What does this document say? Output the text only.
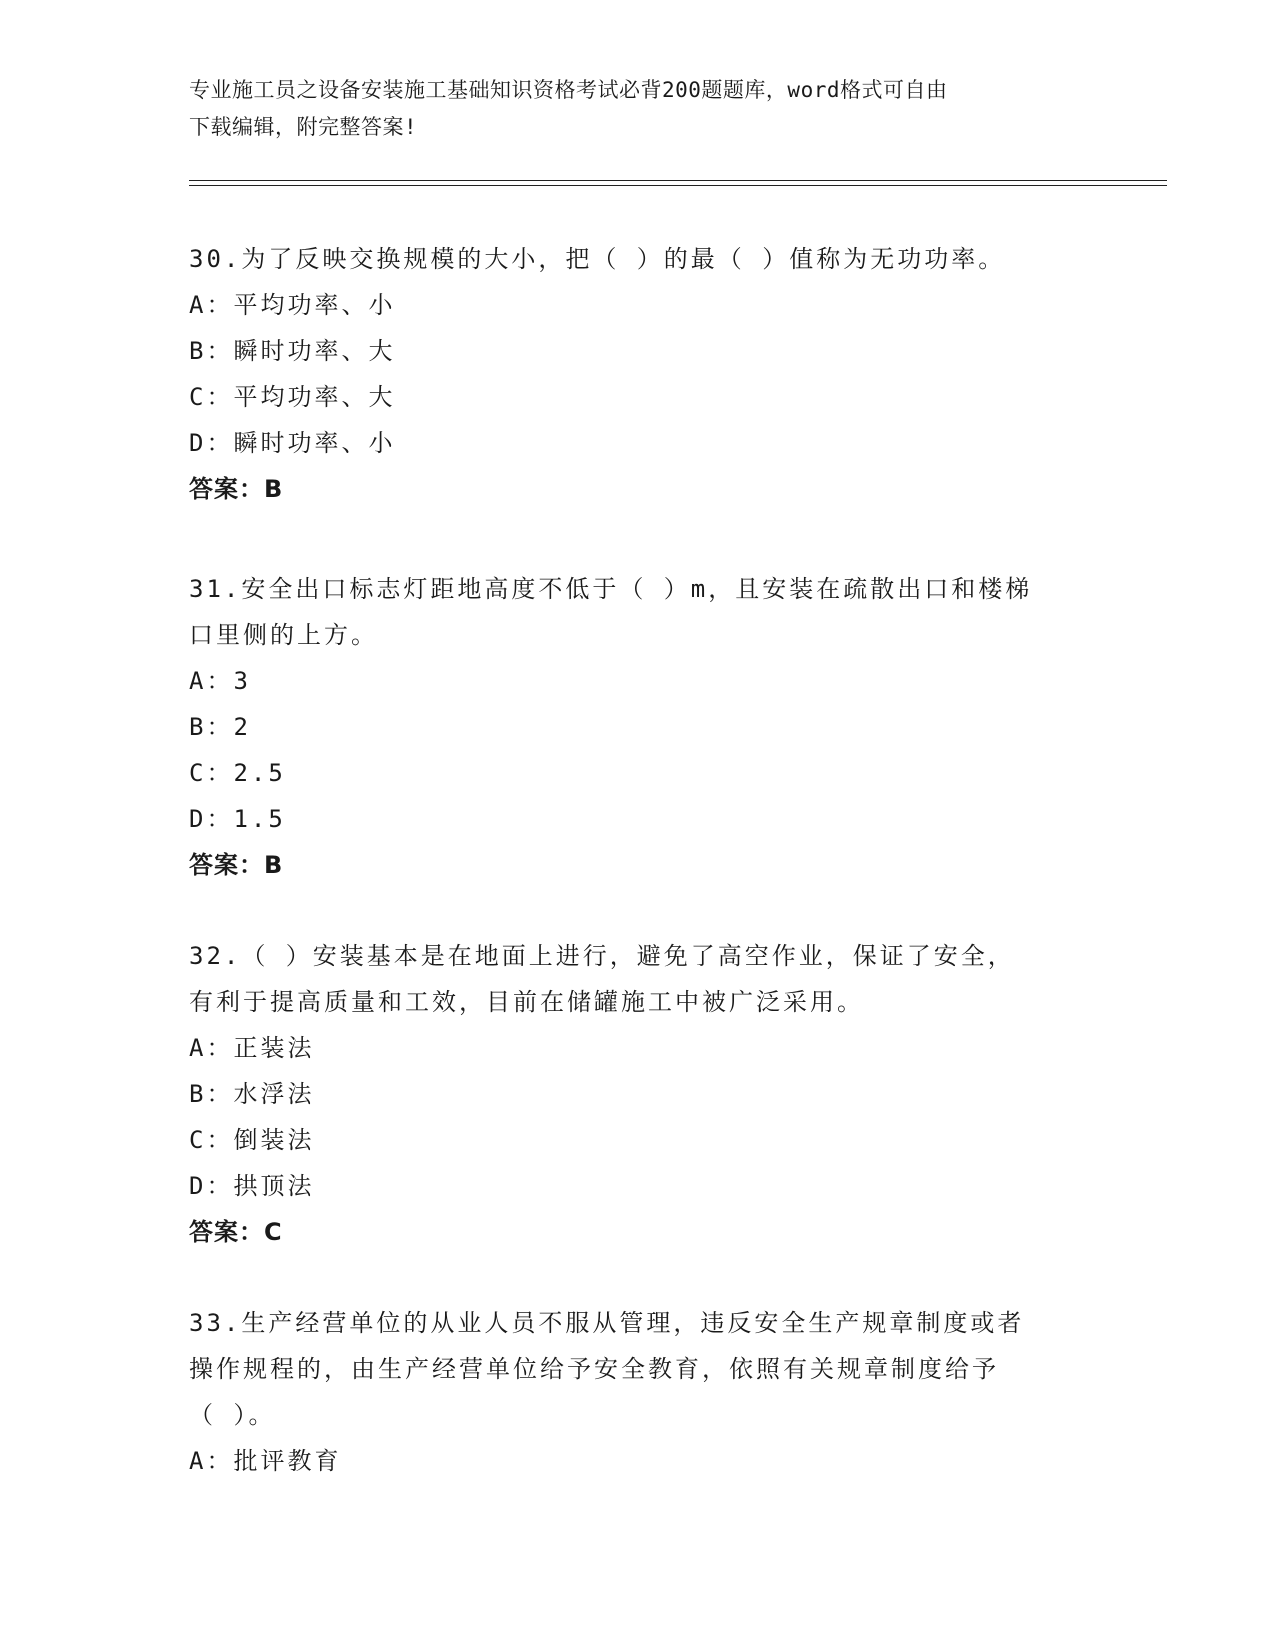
专业施工员之设备安装施工基础知识资格考试必背200题题库，word格式可自由
下载编辑，附完整答案!

30.为了反映交换规模的大小，把（ ）的最（ ）值称为无功功率。

A：平均功率、小

B：瞬时功率、大

C：平均功率、大

D：瞬时功率、小

答案：B

31.安全出口标志灯距地高度不低于（ ）m，且安装在疏散出口和楼梯

口里侧的上方。

A：3

B：2

C：2.5

D：1.5

答案：B

32.（ ）安装基本是在地面上进行，避免了高空作业，保证了安全，

有利于提高质量和工效，目前在储罐施工中被广泛采用。

A：正装法

B：水浮法

C：倒装法

D：拱顶法

答案：C

33.生产经营单位的从业人员不服从管理，违反安全生产规章制度或者

操作规程的，由生产经营单位给予安全教育，依照有关规章制度给予

（ ）。

A：批评教育
